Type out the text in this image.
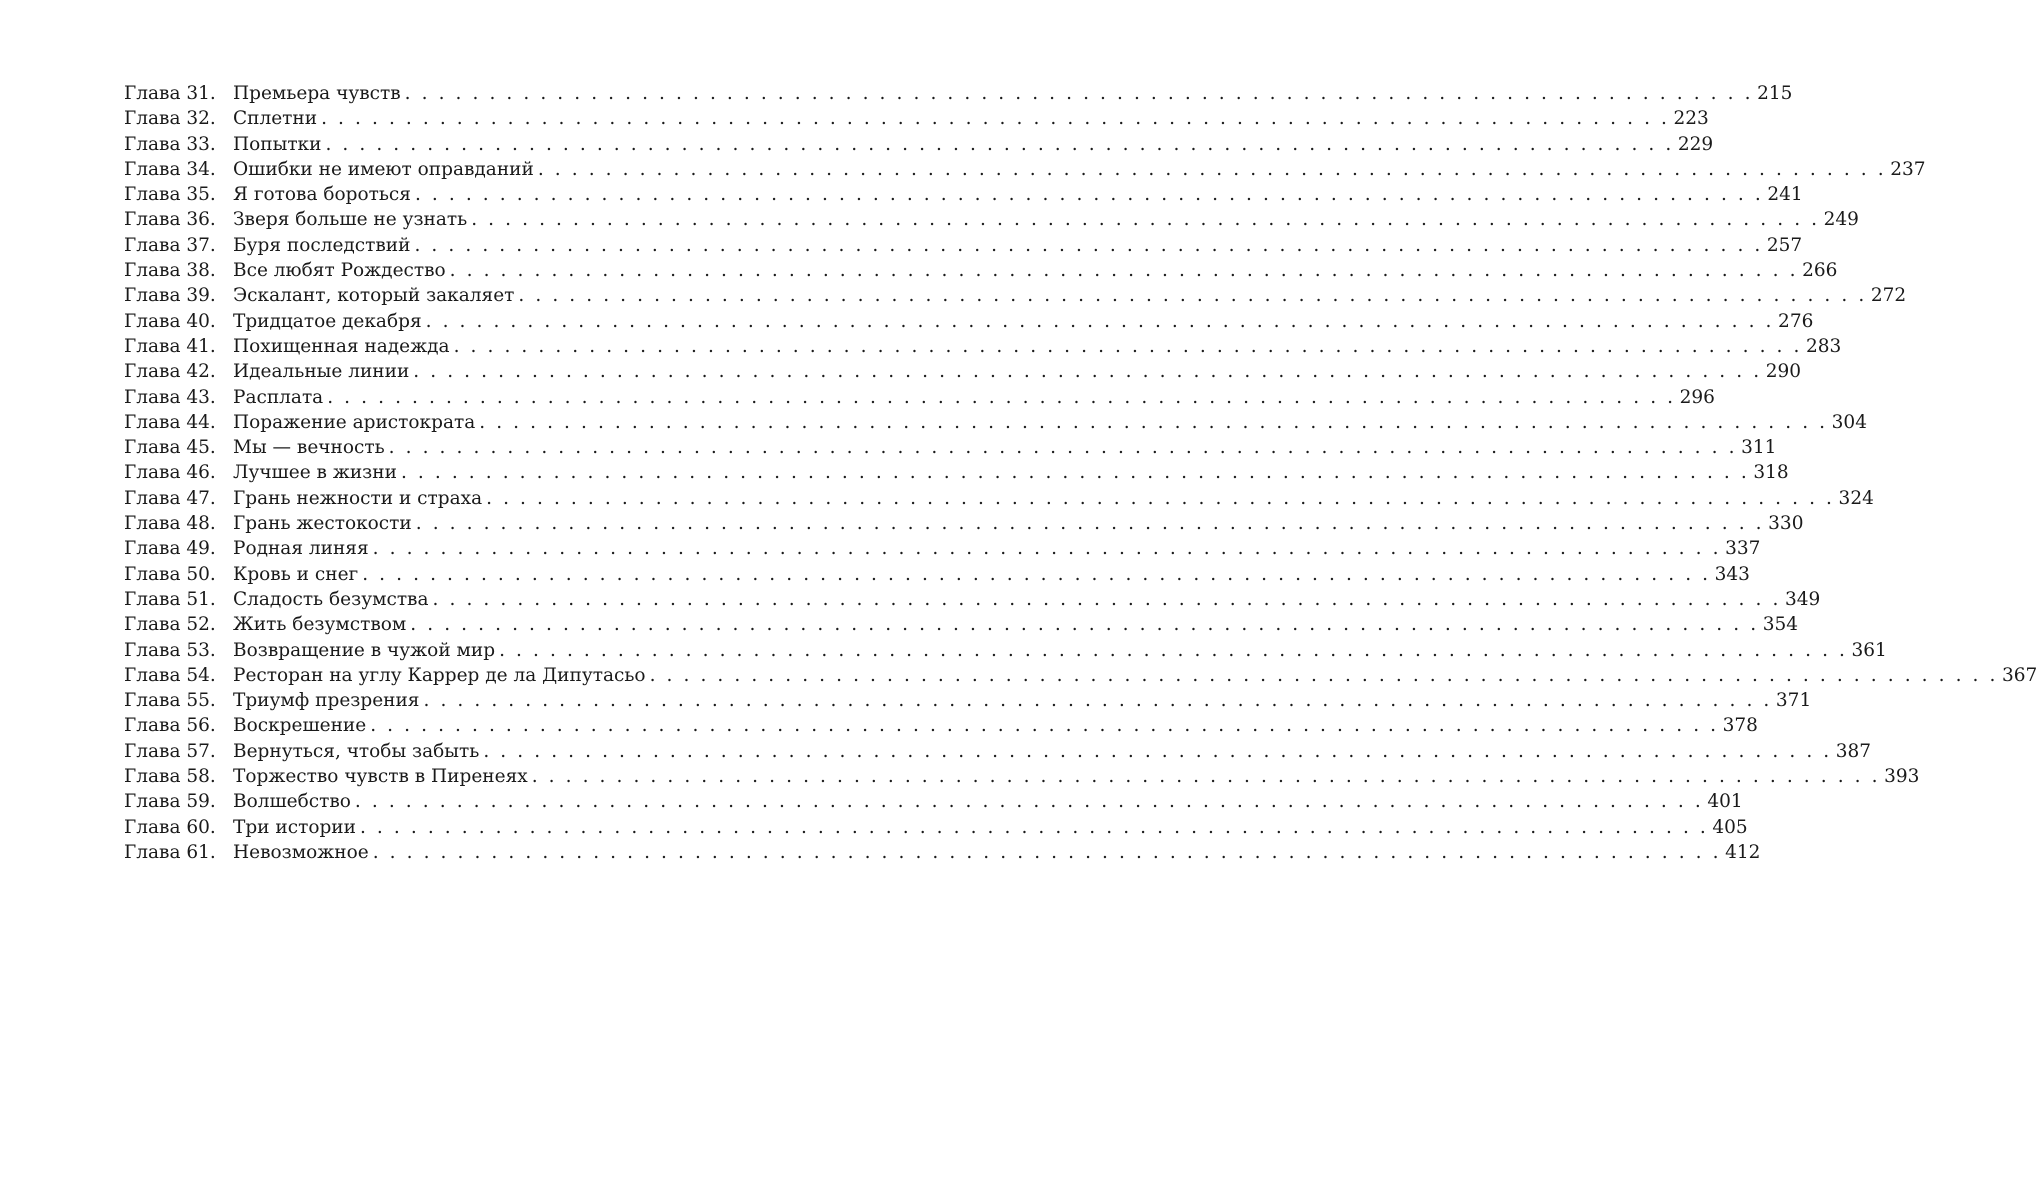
Глава 31. Премьера чувств . . .	215
Глава 32. Сплетни . . .	223
Глава 33. Попытки . . .	229
Глава 34. Ошибки не имеют оправданий . . .	237
Глава 35. Я готова бороться . . .	241
Глава 36. Зверя больше не узнать . . .	249
Глава 37. Буря последствий . . .	257
Глава 38. Все любят Рождество . . .	266
Глава 39. Эскалант, который закаляет . . .	272
Глава 40. Тридцатое декабря . . .	276
Глава 41. Похищенная надежда . . .	283
Глава 42. Идеальные линии . . .	290
Глава 43. Расплата . . .	296
Глава 44. Поражение аристократа . . .	304
Глава 45. Мы — вечность . . .	311
Глава 46. Лучшее в жизни . . .	318
Глава 47. Грань нежности и страха . . .	324
Глава 48. Грань жестокости . . .	330
Глава 49. Родная линяя . . .	337
Глава 50. Кровь и снег . . .	343
Глава 51. Сладость безумства . . .	349
Глава 52. Жить безумством . . .	354
Глава 53. Возвращение в чужой мир . . .	361
Глава 54. Ресторан на углу Каррер де ла Дипутасьо . . .	367
Глава 55. Триумф презрения . . .	371
Глава 56. Воскрешение . . .	378
Глава 57. Вернуться, чтобы забыть . . .	387
Глава 58. Торжество чувств в Пиренеях . . .	393
Глава 59. Волшебство . . .	401
Глава 60. Три истории . . .	405
Глава 61. Невозможное . . .	412
